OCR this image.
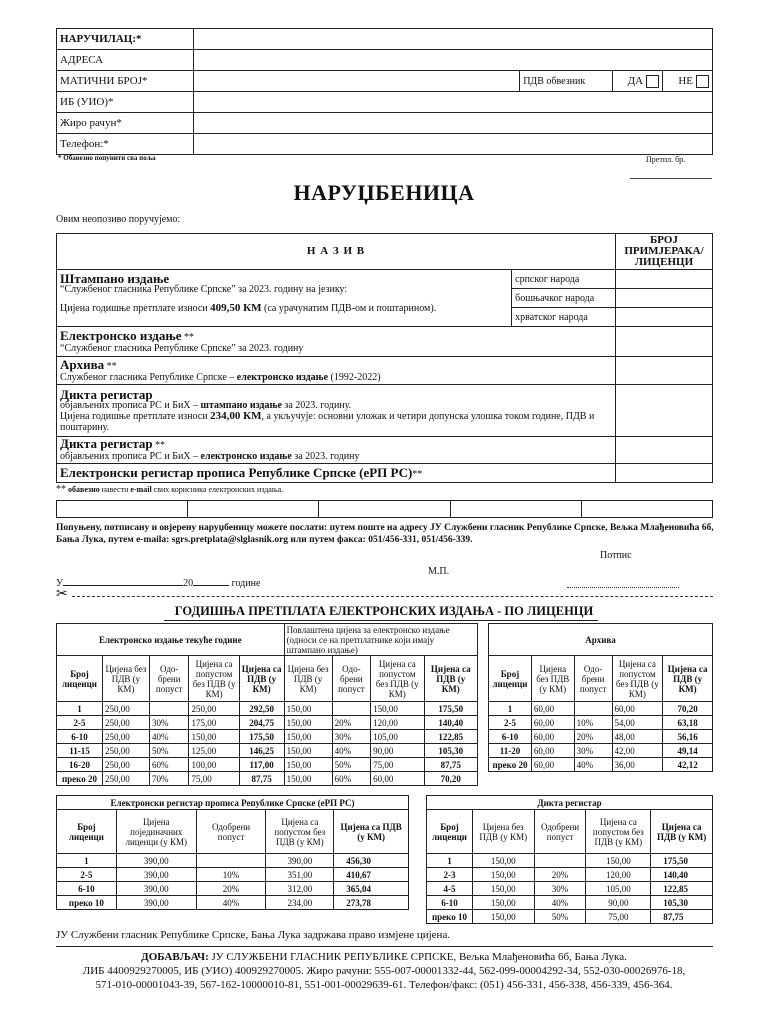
НАРУЧИЛАЦ:*				
АДРЕСА				
МАТИЧНИ БРОЈ*		ПДВ обвезник	ДА	НЕ
ИБ (УИО)*				
Жиро рачун*				
Телефон:*				
* Обавезно попунити сва поља	Претпл. бр.
НАРУЏБЕНИЦА
Овим неопозиво поручујемо:
Н А З И В		БРОЈ ПРИМЈЕРАКА/ ЛИЦЕНЦИ

Штампано издање
“Службеног гласника Републике Српске” за 2023. годину на језику:
Цијена годишње претплате износи 409,50 КМ (са урачунатим ПДВ-ом и поштарином).	српског народа	
	бошњачког народа	
	хрватског народа	

Електронско издање **
“Службеног гласника Републике Српске” за 2023. годину		

Архива **
Службеног гласника Републике Српске – електронско издање (1992-2022)		

Дикта регистар
објављених прописа РС и БиХ – штампано издање за 2023. годину.
Цијена годишње претплате износи 234,00 КМ, а укључује: основни уложак и четири допунска улошка током године, ПДВ и поштарину.		

Дикта регистар **
објављених прописа РС и БиХ – електронско издање за 2023. годину		

Електронски регистар прописа Републике Српске (еРП РС)**		
** обавезно навести e-mail свих корисника електронских издања.
Попуњену, потписану и овјерену наруџбеницу можете послати: путем поште на адресу ЈУ Службени гласник Републике Српске, Вељка Млађеновића 6б, Бања Лука, путем e-maila: sgrs.pretplata@slglasnik.org или путем факса: 051/456-331, 051/456-339.
Потпис
М.П.
У	20	године
✂
ГОДИШЊА ПРЕТПЛАТА ЕЛЕКТРОНСКИХ ИЗДАЊА - ПО ЛИЦЕНЦИ
Електронско издање текуће године					Повлаштена цијена за електронско издање (односи се на претплатнике који имају штампано издање)			
Број лиценци	Цијена без ПДВ (у КМ)	Одо- брени попуст	Цијена са попустом без ПДВ (у КМ)	Цијена са ПДВ (у КМ)	Цијена без ПДВ (у КМ)	Одо- брени попуст	Цијена са попустом без ПДВ (у КМ)	Цијена са ПДВ (у КМ)
1	250,00		250,00	292,50	150,00		150,00	175,50
2-5	250,00	30%	175,00	204,75	150,00	20%	120,00	140,40
6-10	250,00	40%	150,00	175,50	150,00	30%	105,00	122,85
11-15	250,00	50%	125,00	146,25	150,00	40%	90,00	105,30
16-20	250,00	60%	100,00	117,00	150,00	50%	75,00	87,75
преко 20	250,00	70%	75,00	87,75	150,00	60%	60,00	70,20
Архива				
Број лиценци	Цијена без ПДВ (у КМ)	Одо- брени попуст	Цијена са попустом без ПДВ (у КМ)	Цијена са ПДВ (у КМ)
1	60,00		60,00	70,20
2-5	60,00	10%	54,00	63,18
6-10	60,00	20%	48,00	56,16
11-20	60,00	30%	42,00	49,14
преко 20	60,00	40%	36,00	42,12
Електронски регистар прописа Републике Српске (еРП РС)				
Број лиценци	Цијена појединачних лиценци (у КМ)	Одобрени попуст	Цијена са попустом без ПДВ (у КМ)	Цијена са ПДВ (у КМ)
1	390,00		390,00	456,30
2-5	390,00	10%	351,00	410,67
6-10	390,00	20%	312,00	365,04
преко 10	390,00	40%	234,00	273,78
Дикта регистар				
Број лиценци	Цијена без ПДВ (у КМ)	Одобрени попуст	Цијена са попустом без ПДВ (у КМ)	Цијена са ПДВ (у КМ)
1	150,00		150,00	175,50
2-3	150,00	20%	120,00	140,40
4-5	150,00	30%	105,00	122,85
6-10	150,00	40%	90,00	105,30
преко 10	150,00	50%	75,00	87,75
ЈУ Службени гласник Републике Српске, Бања Лука задржава право измјене цијена.
ДОБАВЉАЧ: ЈУ СЛУЖБЕНИ ГЛАСНИК РЕПУБЛИКЕ СРПСКЕ, Вељка Млађеновића 6б, Бања Лука.
ЛИБ 4400929270005, ИБ (УИО) 400929270005. Жиро рачуни: 555-007-00001332-44, 562-099-00004292-34, 552-030-00026976-18,
571-010-00001043-39, 567-162-10000010-81, 551-001-00029639-61. Телефон/факс: (051) 456-331, 456-338, 456-339, 456-364.
